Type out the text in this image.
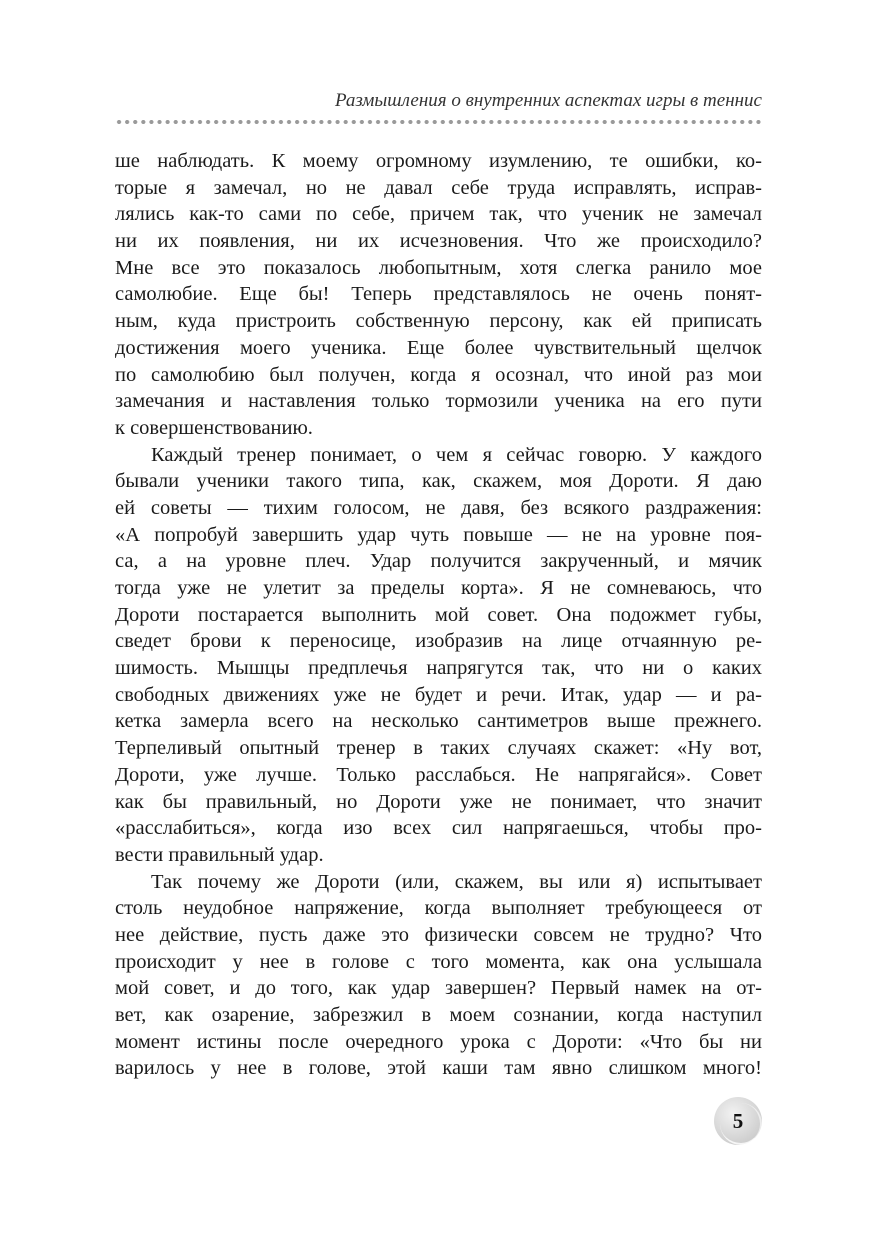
Размышления о внутренних аспектах игры в теннис
ше наблюдать. К моему огромному изумлению, те ошибки, ко-
торые я замечал, но не давал себе труда исправлять, исправ-
лялись как-то сами по себе, причем так, что ученик не замечал
ни их появления, ни их исчезновения. Что же происходило?
Мне все это показалось любопытным, хотя слегка ранило мое
самолюбие. Еще бы! Теперь представлялось не очень понят-
ным, куда пристроить собственную персону, как ей приписать
достижения моего ученика. Еще более чувствительный щелчок
по самолюбию был получен, когда я осознал, что иной раз мои
замечания и наставления только тормозили ученика на его пути
к совершенствованию.
Каждый тренер понимает, о чем я сейчас говорю. У каждого
бывали ученики такого типа, как, скажем, моя Дороти. Я даю
ей советы — тихим голосом, не давя, без всякого раздражения:
«А попробуй завершить удар чуть повыше — не на уровне поя-
са, а на уровне плеч. Удар получится закрученный, и мячик
тогда уже не улетит за пределы корта». Я не сомневаюсь, что
Дороти постарается выполнить мой совет. Она подожмет губы,
сведет брови к переносице, изобразив на лице отчаянную ре-
шимость. Мышцы предплечья напрягутся так, что ни о каких
свободных движениях уже не будет и речи. Итак, удар — и ра-
кетка замерла всего на несколько сантиметров выше прежнего.
Терпеливый опытный тренер в таких случаях скажет: «Ну вот,
Дороти, уже лучше. Только расслабься. Не напрягайся». Совет
как бы правильный, но Дороти уже не понимает, что значит
«расслабиться», когда изо всех сил напрягаешься, чтобы про-
вести правильный удар.
Так почему же Дороти (или, скажем, вы или я) испытывает
столь неудобное напряжение, когда выполняет требующееся от
нее действие, пусть даже это физически совсем не трудно? Что
происходит у нее в голове с того момента, как она услышала
мой совет, и до того, как удар завершен? Первый намек на от-
вет, как озарение, забрезжил в моем сознании, когда наступил
момент истины после очередного урока с Дороти: «Что бы ни
варилось у нее в голове, этой каши там явно слишком много!
5
